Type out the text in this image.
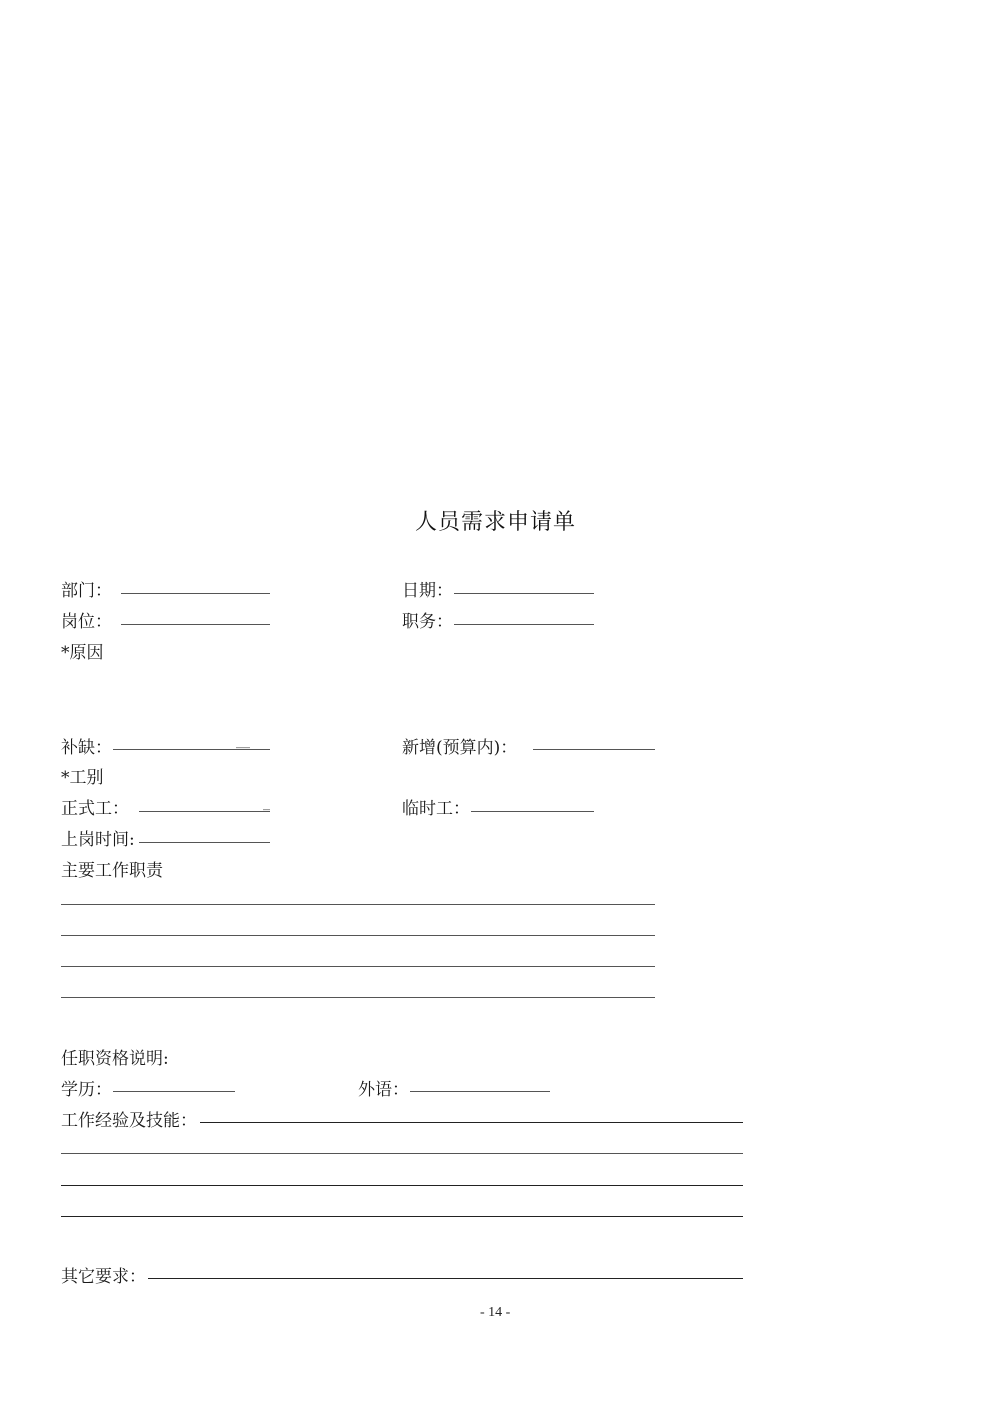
人员需求申请单
部门：	日期：
岗位：	职务：
*原因
补缺：	__	新增(预算内)：
*工别
正式工：	_	临时工：
上岗时间:
主要工作职责
任职资格说明:
学历：	外语：
工作经验及技能：
其它要求：
- 14 -
